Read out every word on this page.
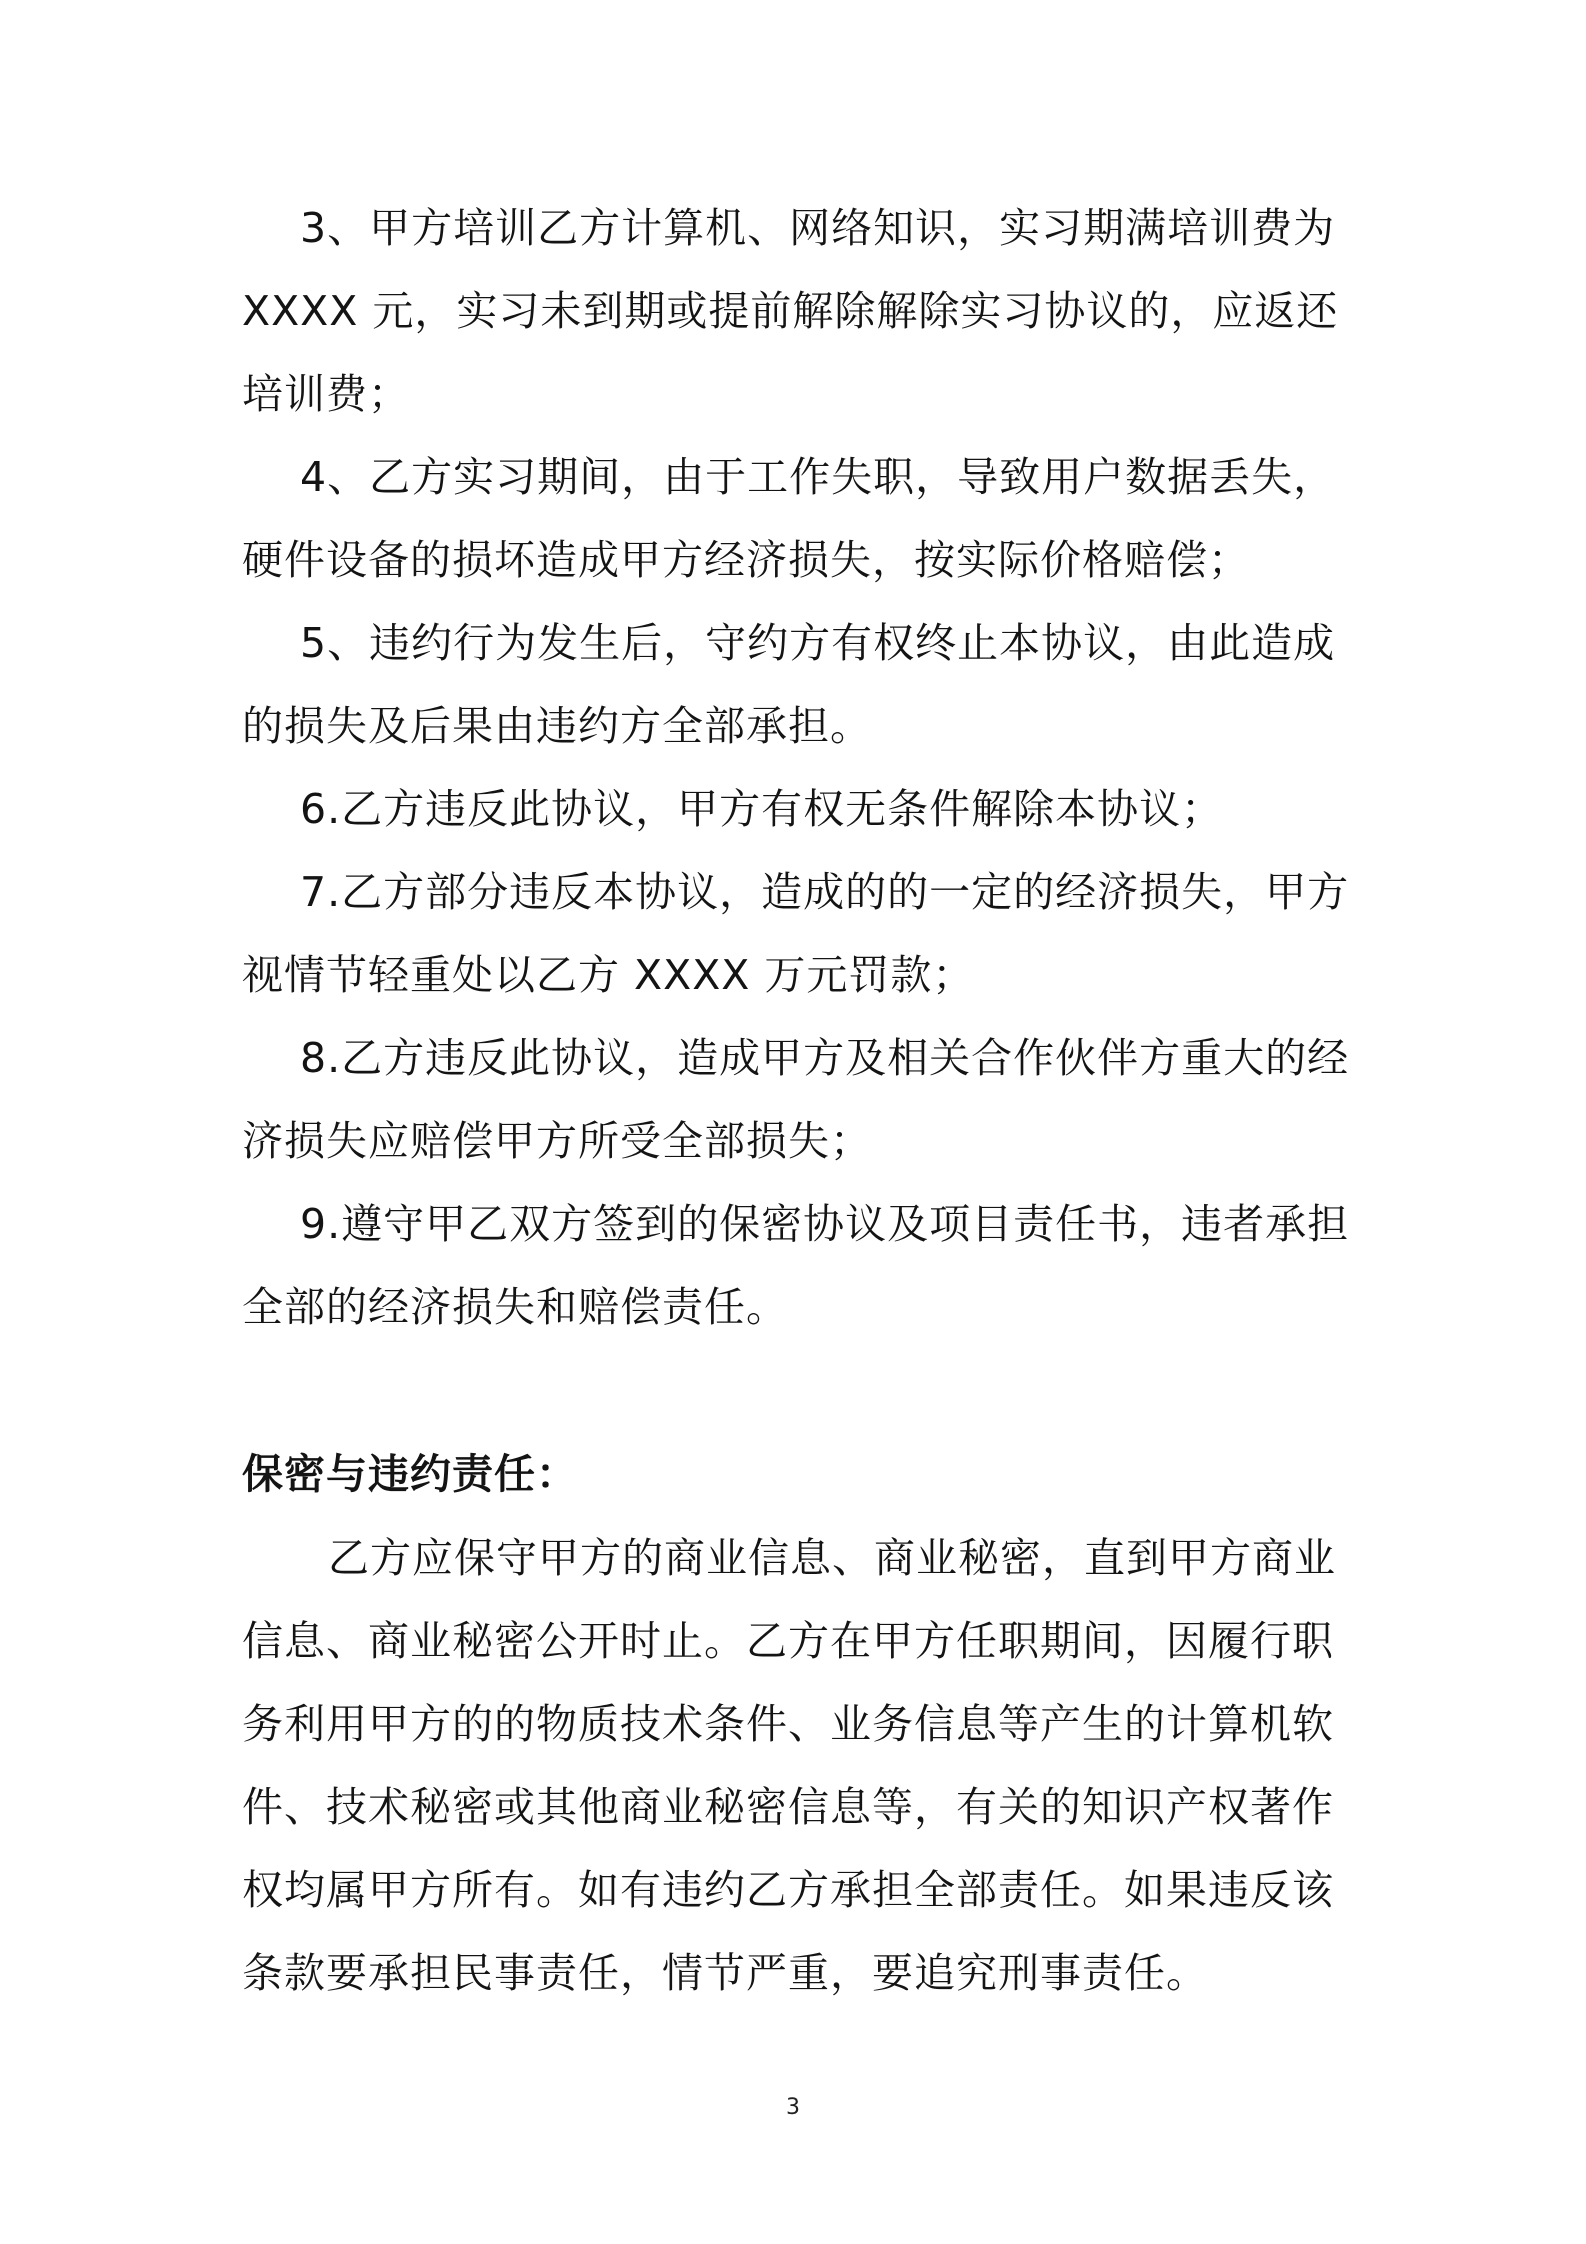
3、甲方培训乙方计算机、网络知识，实习期满培训费为
XXXX 元，实习未到期或提前解除解除实习协议的，应返还
培训费；
4、乙方实习期间，由于工作失职，导致用户数据丢失，
硬件设备的损坏造成甲方经济损失，按实际价格赔偿；
5、违约行为发生后，守约方有权终止本协议，由此造成
的损失及后果由违约方全部承担。
6.乙方违反此协议，甲方有权无条件解除本协议；
7.乙方部分违反本协议，造成的的一定的经济损失，甲方
视情节轻重处以乙方 XXXX 万元罚款；
8.乙方违反此协议，造成甲方及相关合作伙伴方重大的经
济损失应赔偿甲方所受全部损失；
9.遵守甲乙双方签到的保密协议及项目责任书，违者承担
全部的经济损失和赔偿责任。
保密与违约责任：
乙方应保守甲方的商业信息、商业秘密，直到甲方商业
信息、商业秘密公开时止。乙方在甲方任职期间，因履行职
务利用甲方的的物质技术条件、业务信息等产生的计算机软
件、技术秘密或其他商业秘密信息等，有关的知识产权著作
权均属甲方所有。如有违约乙方承担全部责任。如果违反该
条款要承担民事责任，情节严重，要追究刑事责任。
3
